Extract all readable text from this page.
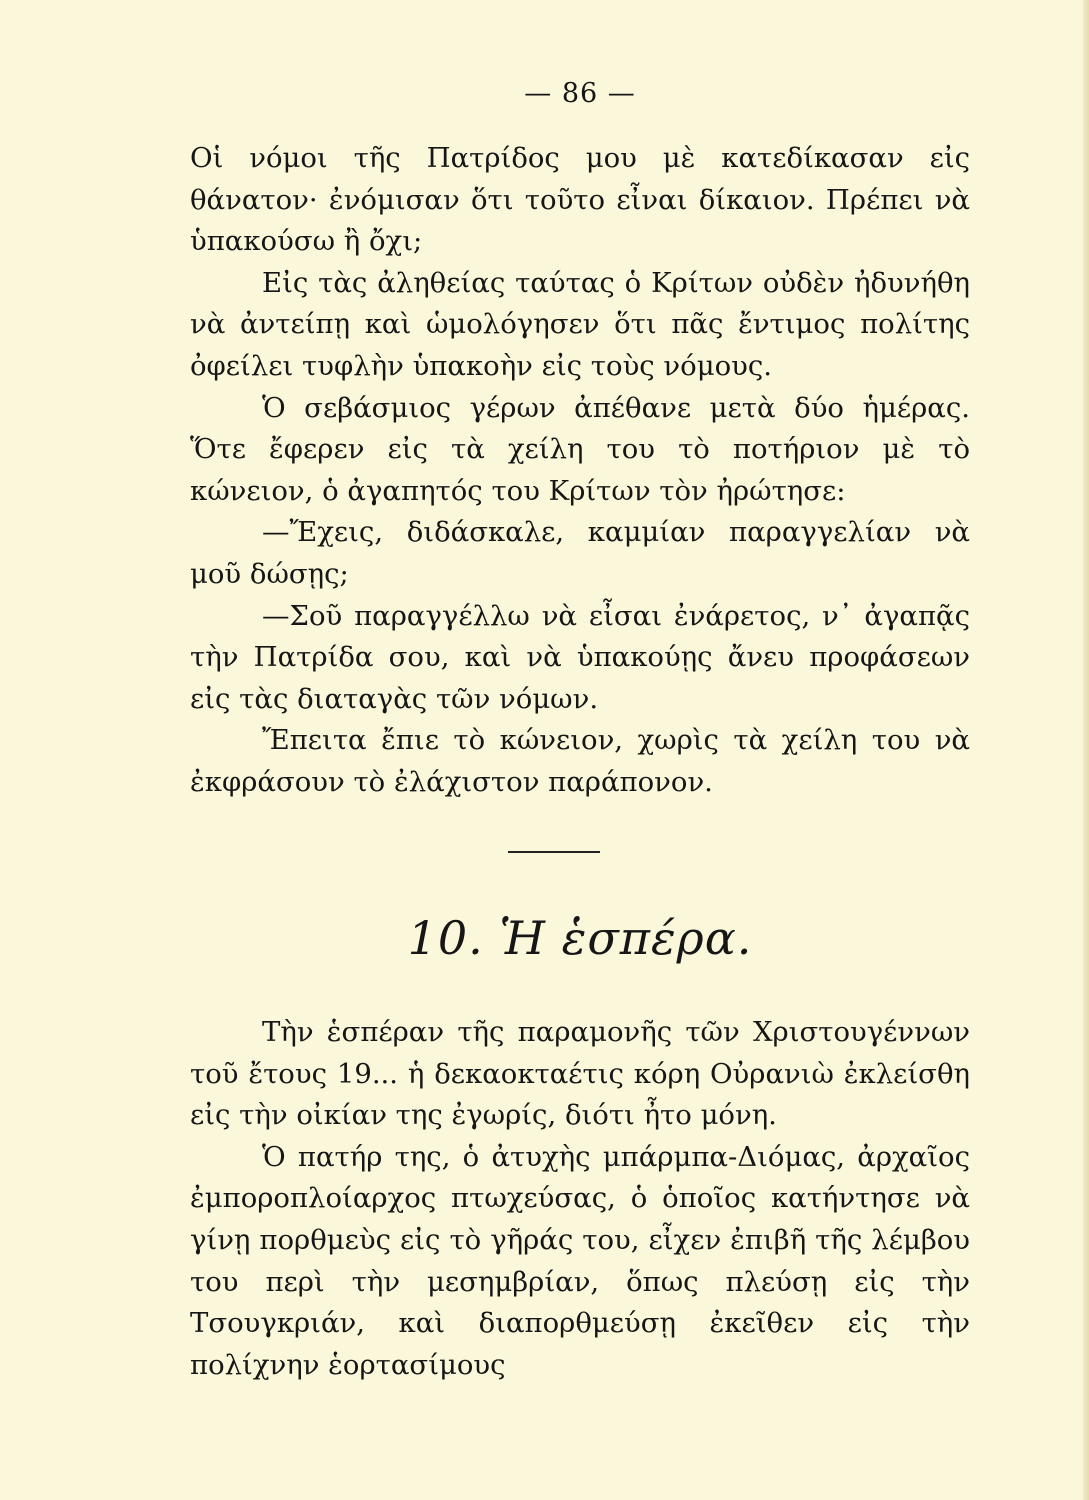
— 86 —

Οἱ νόμοι τῆς Πατρίδος μου μὲ κατεδίκασαν εἰς θάνατον· ἐνόμισαν ὅτι τοῦτο εἶναι δίκαιον. Πρέπει νὰ ὑπακούσω ἢ ὄχι;

Εἰς τὰς ἀληθείας ταύτας ὁ Κρίτων οὐδὲν ἠδυνήθη νὰ ἀντείπῃ καὶ ὡμολόγησεν ὅτι πᾶς ἔντιμος πολίτης ὀφείλει τυφλὴν ὑπακοὴν εἰς τοὺς νόμους.

Ὁ σεβάσμιος γέρων ἀπέθανε μετὰ δύο ἡμέρας. Ὅτε ἔφερεν εἰς τὰ χείλη του τὸ ποτήριον μὲ τὸ κώνειον, ὁ ἀγαπητός του Κρίτων τὸν ἠρώτησε:

—Ἔχεις, διδάσκαλε, καμμίαν παραγγελίαν νὰ μοῦ δώσῃς;

—Σοῦ παραγγέλλω νὰ εἶσαι ἐνάρετος, ν᾽ ἀγαπᾷς τὴν Πατρίδα σου, καὶ νὰ ὑπακούῃς ἄνευ προφάσεων εἰς τὰς διαταγὰς τῶν νόμων.

Ἔπειτα ἔπιε τὸ κώνειον, χωρὶς τὰ χείλη του νὰ ἐκφράσουν τὸ ἐλάχιστον παράπονον.

10. Ἡ ἑσπέρα.

Τὴν ἑσπέραν τῆς παραμονῆς τῶν Χριστουγέννων τοῦ ἔτους 19... ἡ δεκαοκταέτις κόρη Οὐρανιὼ ἐκλείσθη εἰς τὴν οἰκίαν της ἐγωρίς, διότι ἦτο μόνη.

Ὁ πατήρ της, ὁ ἀτυχὴς μπάρμπα-Διόμας, ἀρχαῖος ἐμποροπλοίαρχος πτωχεύσας, ὁ ὁποῖος κατήντησε νὰ γίνῃ πορθμεὺς εἰς τὸ γῆράς του, εἶχεν ἐπιβῆ τῆς λέμβου του περὶ τὴν μεσημβρίαν, ὅπως πλεύσῃ εἰς τὴν Τσουγκριάν, καὶ διαπορθμεύσῃ ἐκεῖθεν εἰς τὴν πολίχνην ἑορτασίμους
